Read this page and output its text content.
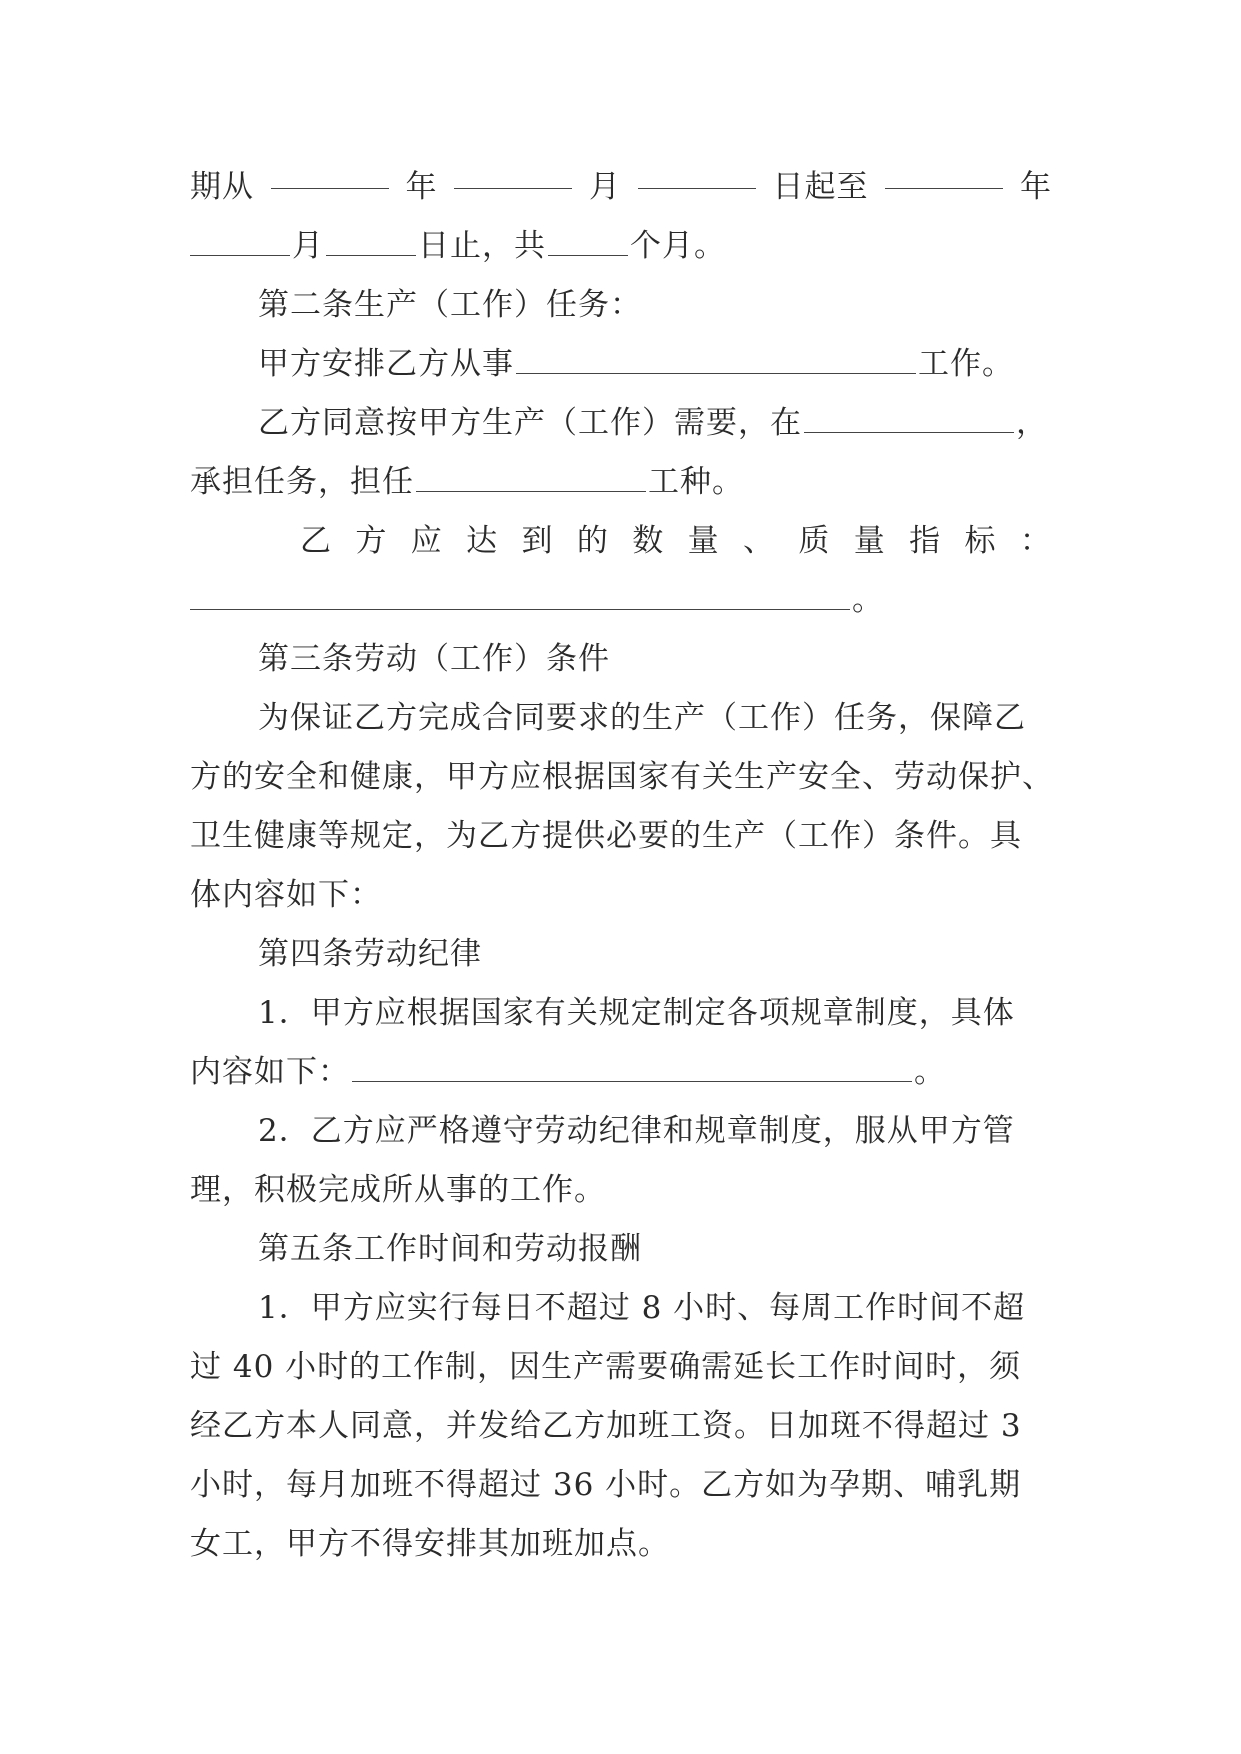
期从	年	月	日起至	年
月	日止，共	个月。
第二条生产（工作）任务：
甲方安排乙方从事	工作。
乙方同意按甲方生产（工作）需要，在	，
承担任务，担任	工种。
乙 方 应 达 到 的 数 量 、 质 量 指 标 ：
。
第三条劳动（工作）条件
为保证乙方完成合同要求的生产（工作）任务，保障乙
方的安全和健康，甲方应根据国家有关生产安全、劳动保护、
卫生健康等规定，为乙方提供必要的生产（工作）条件。具
体内容如下：
第四条劳动纪律
1．甲方应根据国家有关规定制定各项规章制度，具体
内容如下：	。
2．乙方应严格遵守劳动纪律和规章制度，服从甲方管
理，积极完成所从事的工作。
第五条工作时间和劳动报酬
1．甲方应实行每日不超过 8 小时、每周工作时间不超
过 40 小时的工作制，因生产需要确需延长工作时间时，须
经乙方本人同意，并发给乙方加班工资。日加斑不得超过 3
小时，每月加班不得超过 36 小时。乙方如为孕期、哺乳期
女工，甲方不得安排其加班加点。
